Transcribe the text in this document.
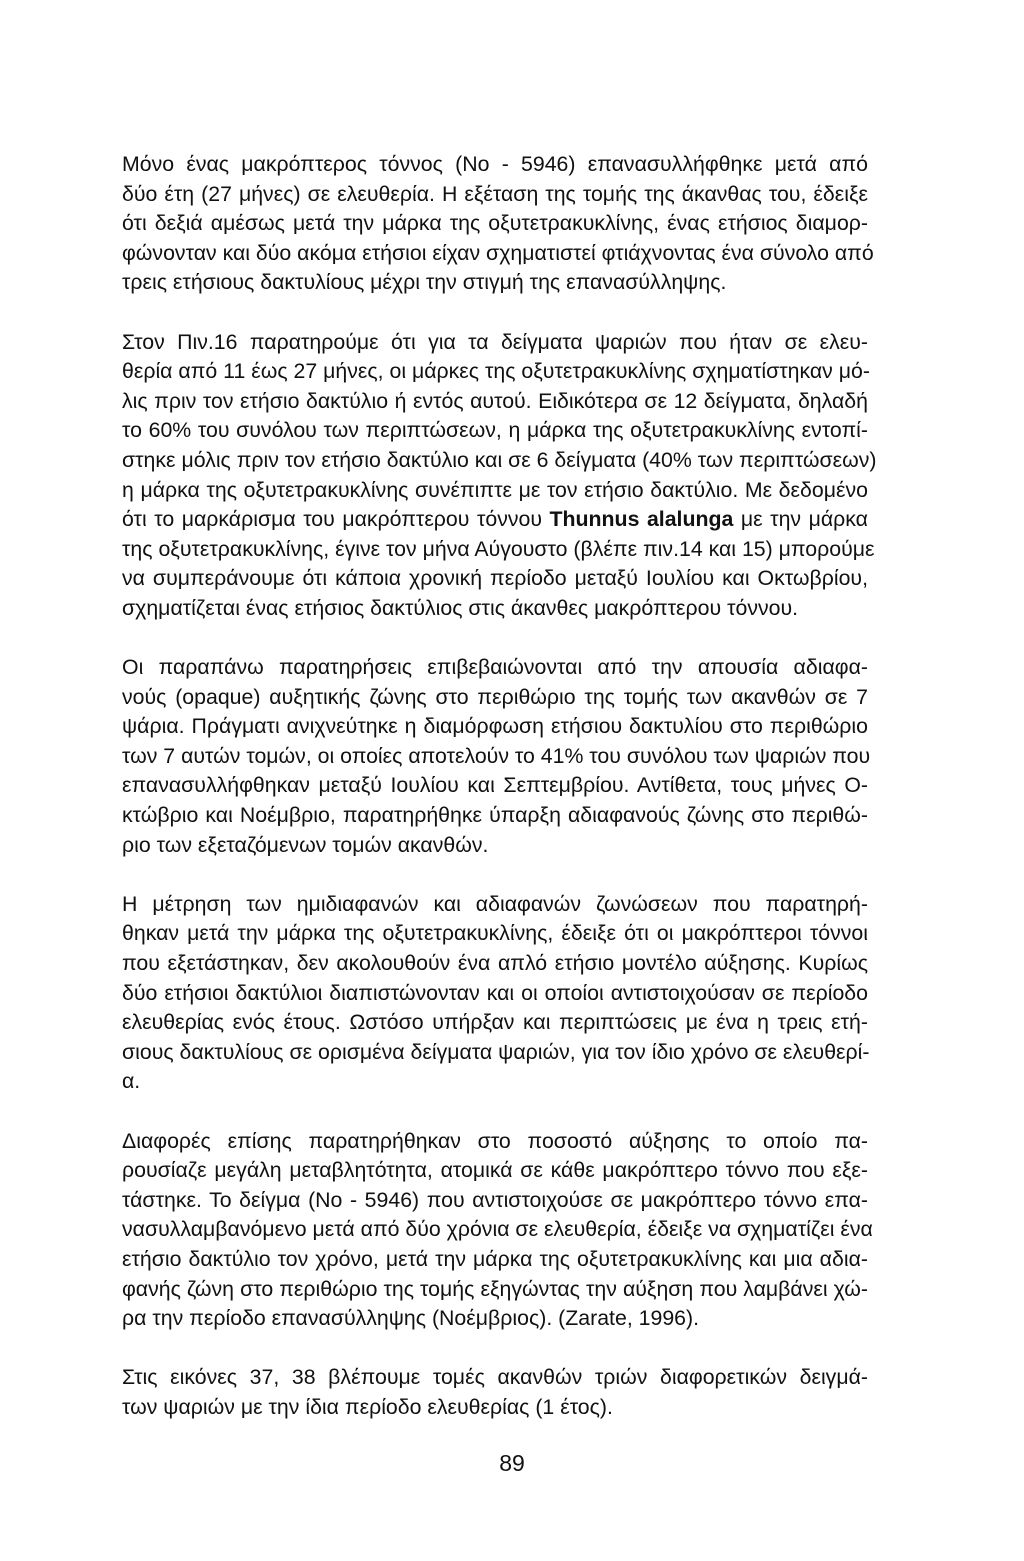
Μόνο ένας μακρόπτερος τόννος (Νο - 5946) επανασυλλήφθηκε μετά από
δύο έτη (27 μήνες) σε ελευθερία. Η εξέταση της τομής της άκανθας του, έδειξε
ότι δεξιά αμέσως μετά την μάρκα της οξυτετρακυκλίνης, ένας ετήσιος διαμορ-
φώνονταν και δύο ακόμα ετήσιοι είχαν σχηματιστεί φτιάχνοντας ένα σύνολο από
τρεις ετήσιους δακτυλίους μέχρι την στιγμή της επανασύλληψης.
Στον Πιν.16 παρατηρούμε ότι για τα δείγματα ψαριών που ήταν σε ελευ-
θερία από 11 έως 27 μήνες, οι μάρκες της οξυτετρακυκλίνης σχηματίστηκαν μό-
λις πριν τον ετήσιο δακτύλιο ή εντός αυτού. Ειδικότερα σε 12 δείγματα, δηλαδή
το 60% του συνόλου των περιπτώσεων, η μάρκα της οξυτετρακυκλίνης εντοπί-
στηκε μόλις πριν τον ετήσιο δακτύλιο και σε 6 δείγματα (40% των περιπτώσεων)
η μάρκα της οξυτετρακυκλίνης συνέπιπτε με τον ετήσιο δακτύλιο. Με δεδομένο
ότι το μαρκάρισμα του μακρόπτερου τόννου Thunnus alalunga με την μάρκα
της οξυτετρακυκλίνης, έγινε τον μήνα Αύγουστο (βλέπε πιν.14 και 15) μπορούμε
να συμπεράνουμε ότι κάποια χρονική περίοδο μεταξύ Ιουλίου και Οκτωβρίου,
σχηματίζεται ένας ετήσιος δακτύλιος στις άκανθες μακρόπτερου τόννου.
Οι παραπάνω παρατηρήσεις επιβεβαιώνονται από την απουσία αδιαφα-
νούς (opaque) αυξητικής ζώνης στο περιθώριο της τομής των ακανθών σε 7
ψάρια. Πράγματι ανιχνεύτηκε η διαμόρφωση ετήσιου δακτυλίου στο περιθώριο
των 7 αυτών τομών, οι οποίες αποτελούν το 41% του συνόλου των ψαριών που
επανασυλλήφθηκαν μεταξύ Ιουλίου και Σεπτεμβρίου. Αντίθετα, τους μήνες Ο-
κτώβριο και Νοέμβριο, παρατηρήθηκε ύπαρξη αδιαφανούς ζώνης στο περιθώ-
ριο των εξεταζόμενων τομών ακανθών.
Η μέτρηση των ημιδιαφανών και αδιαφανών ζωνώσεων που παρατηρή-
θηκαν μετά την μάρκα της οξυτετρακυκλίνης, έδειξε ότι οι μακρόπτεροι τόννοι
που εξετάστηκαν, δεν ακολουθούν ένα απλό ετήσιο μοντέλο αύξησης. Κυρίως
δύο ετήσιοι δακτύλιοι διαπιστώνονταν και οι οποίοι αντιστοιχούσαν σε περίοδο
ελευθερίας ενός έτους. Ωστόσο υπήρξαν και περιπτώσεις με ένα η τρεις ετή-
σιους δακτυλίους σε ορισμένα δείγματα ψαριών, για τον ίδιο χρόνο σε ελευθερί-
α.
Διαφορές επίσης παρατηρήθηκαν στο ποσοστό αύξησης το οποίο πα-
ρουσίαζε μεγάλη μεταβλητότητα, ατομικά σε κάθε μακρόπτερο τόννο που εξε-
τάστηκε. Το δείγμα (Νο - 5946) που αντιστοιχούσε σε μακρόπτερο τόννο επα-
νασυλλαμβανόμενο μετά από δύο χρόνια σε ελευθερία, έδειξε να σχηματίζει ένα
ετήσιο δακτύλιο τον χρόνο, μετά την μάρκα της οξυτετρακυκλίνης και μια αδια-
φανής ζώνη στο περιθώριο της τομής εξηγώντας την αύξηση που λαμβάνει χώ-
ρα την περίοδο επανασύλληψης (Νοέμβριος). (Zarate, 1996).
Στις εικόνες 37, 38 βλέπουμε τομές ακανθών τριών διαφορετικών δειγμά-
των ψαριών με την ίδια περίοδο ελευθερίας (1 έτος).
89
